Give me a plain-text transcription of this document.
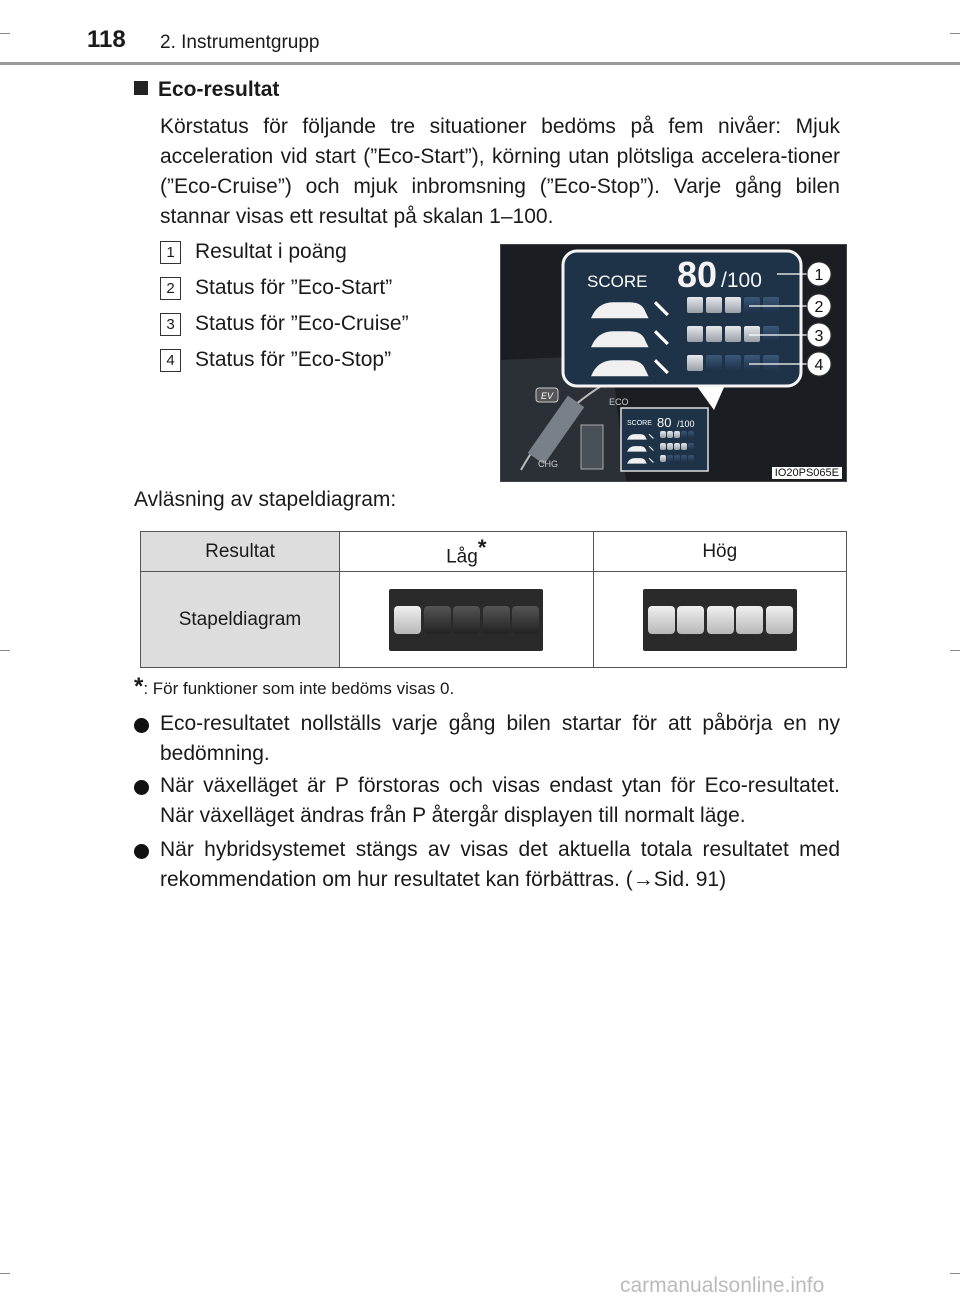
118 2. Instrumentgrupp
Eco-resultat
Körstatus för följande tre situationer bedöms på fem nivåer: Mjuk acceleration vid start (”Eco-Start”), körning utan plötsliga accelera-tioner (”Eco-Cruise”) och mjuk inbromsning (”Eco-Stop”). Varje gång bilen stannar visas ett resultat på skalan 1–100.
1 Resultat i poäng
2 Status för ”Eco-Start”
3 Status för ”Eco-Cruise”
4 Status för ”Eco-Stop”
EV
CHG
ECO
SCORE 80 /100
SCORE 80 /100	1
2
3
4
IO20PS065E
Avläsning av stapeldiagram:
Resultat	Låg*	Hög
Stapeldiagram	

*: För funktioner som inte bedöms visas 0.
Eco-resultatet nollställs varje gång bilen startar för att påbörja en ny bedömning.
När växelläget är P förstoras och visas endast ytan för Eco-resultatet. När växelläget ändras från P återgår displayen till normalt läge.
När hybridsystemet stängs av visas det aktuella totala resultatet med rekommendation om hur resultatet kan förbättras. (→Sid. 91)
carmanualsonline.info
